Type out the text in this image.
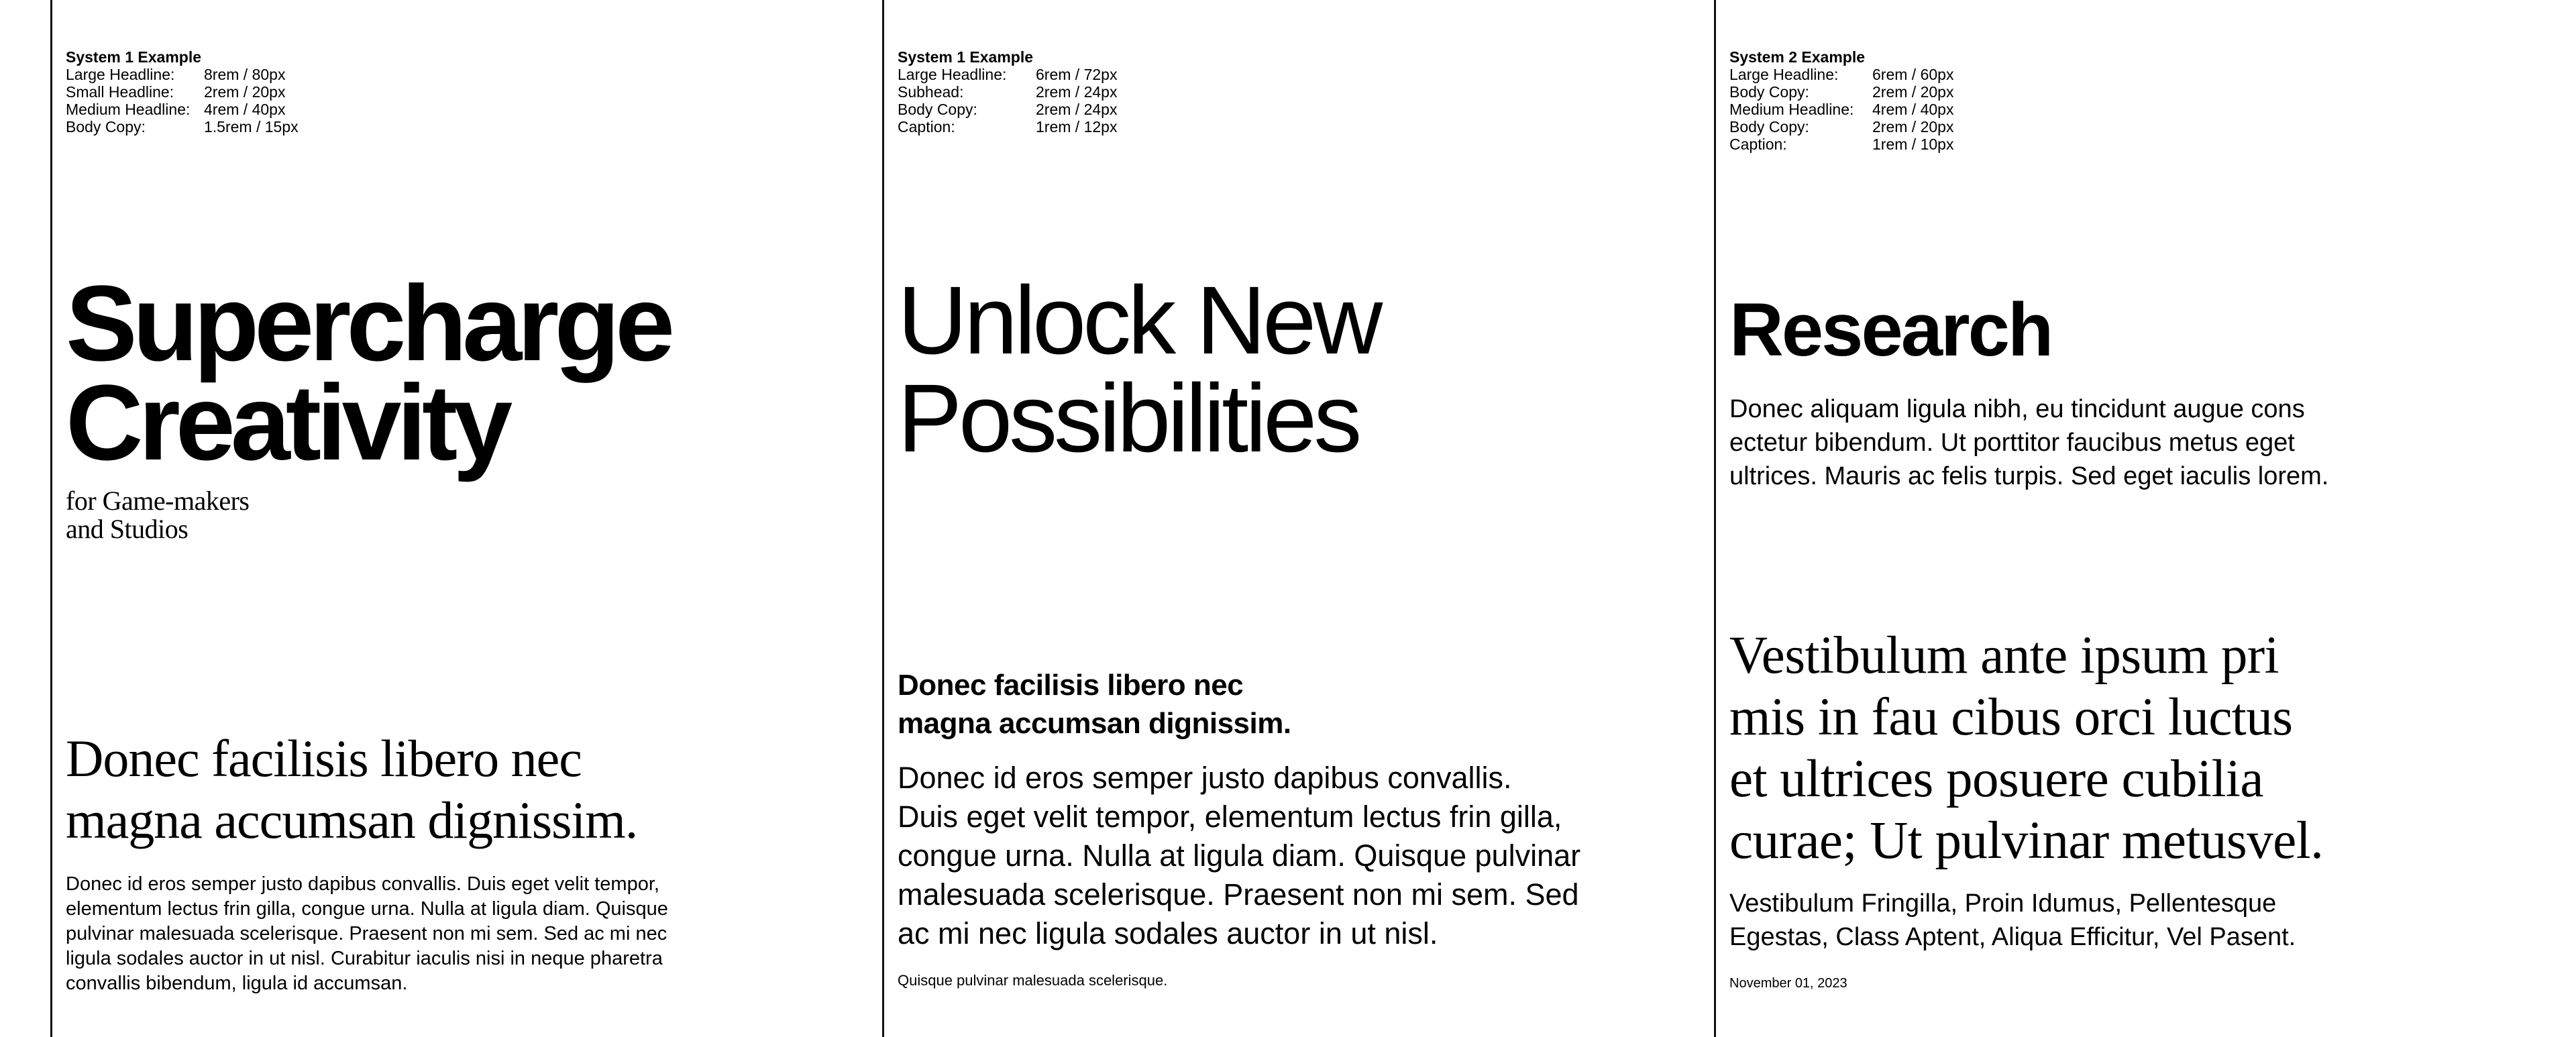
System 1 Example
Large Headline: 8rem / 80px
Small Headline: 2rem / 20px
Medium Headline: 4rem / 40px
Body Copy:	1.5rem / 15px
Supercharge
Creativity
for Game-makers
and Studios
Donec facilisis libero nec
magna accumsan dignissim.

Donec id eros semper justo dapibus convallis. Duis eget velit tempor, elementum lectus frin gilla, congue urna. Nulla at ligula diam. Quisque pulvinar malesuada scelerisque. Praesent non mi sem. Sed ac mi nec ligula sodales auctor in ut nisl. Curabitur iaculis nisi in neque pharetra convallis bibendum, ligula id accumsan.

System 1 Example
Large Headline: 6rem / 72px
Subhead:	2rem / 24px
Body Copy:	2rem / 24px
Caption:	1rem / 12px
Unlock New
Possibilities
Donec facilisis libero nec
magna accumsan dignissim.
Donec id eros semper justo dapibus convallis.
Duis eget velit tempor, elementum lectus frin gilla,
congue urna. Nulla at ligula diam. Quisque pulvinar
malesuada scelerisque. Praesent non mi sem. Sed
ac mi nec ligula sodales auctor in ut nisl.
Quisque pulvinar malesuada scelerisque.
System 2 Example
Large Headline: 6rem / 60px
Body Copy:	2rem / 20px
Medium Headline: 4rem / 40px
Body Copy:	2rem / 20px
Caption:	1rem / 10px
Research
Donec aliquam ligula nibh, eu tincidunt augue cons
ectetur bibendum. Ut porttitor faucibus metus eget
ultrices. Mauris ac felis turpis. Sed eget iaculis lorem.
Vestibulum ante ipsum pri
mis in fau cibus orci luctus
et ultrices posuere cubilia
curae; Ut pulvinar metusvel.
Vestibulum Fringilla, Proin Idumus, Pellentesque
Egestas, Class Aptent, Aliqua Efficitur, Vel Pasent.
November 01, 2023
